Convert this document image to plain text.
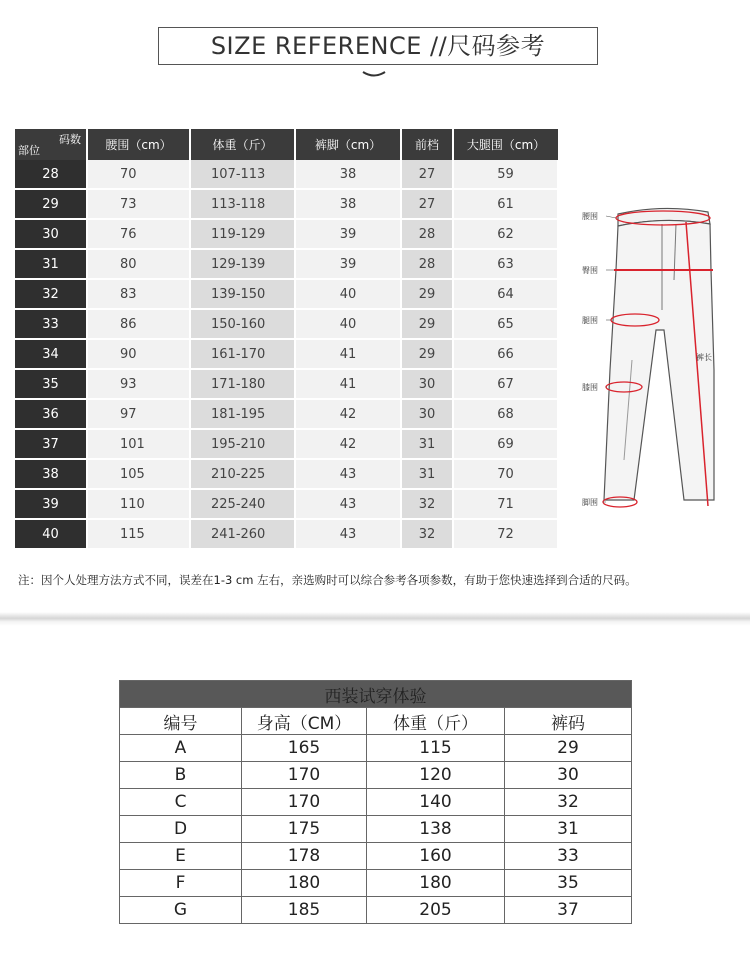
SIZE REFERENCE //尺码参考
码数
部位	腰围（cm）	体重（斤）	裤脚（cm）	前档	大腿围（cm）
28	70	107-113	38	27	59
29	73	113-118	38	27	61
30	76	119-129	39	28	62
31	80	129-139	39	28	63
32	83	139-150	40	29	64
33	86	150-160	40	29	65
34	90	161-170	41	29	66
35	93	171-180	41	30	67
36	97	181-195	42	30	68
37	101	195-210	42	31	69
38	105	210-225	43	31	70
39	110	225-240	43	32	71
40	115	241-260	43	32	72
腰围
臀围
腿围
膝围
脚围
裤长
注：因个人处理方法方式不同，误差在1-3 cm 左右，亲选购时可以综合参考各项参数，有助于您快速选择到合适的尺码。
西装试穿体验			
编号	身高（CM）	体重（斤）	裤码
A	165	115	29
B	170	120	30
C	170	140	32
D	175	138	31
E	178	160	33
F	180	180	35
G	185	205	37
